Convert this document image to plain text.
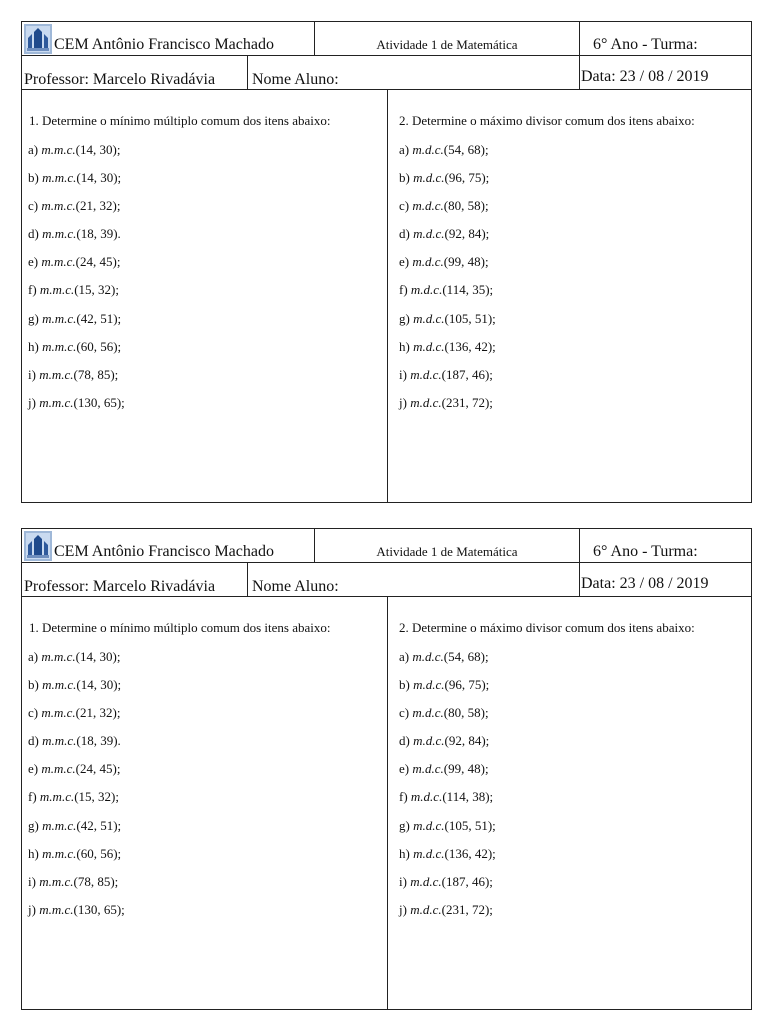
CEM Antônio Francisco Machado	Atividade 1 de Matemática	6° Ano - Turma:
Professor: Marcelo Rivadávia Nome Aluno:	Data: 23 / 08 / 2019
1. Determine o mínimo múltiplo comum dos itens abaixo:
a) m.m.c.(14, 30);
b) m.m.c.(14, 30);
c) m.m.c.(21, 32);
d) m.m.c.(18, 39).
e) m.m.c.(24, 45);
f) m.m.c.(15, 32);
g) m.m.c.(42, 51);
h) m.m.c.(60, 56);
i) m.m.c.(78, 85);
j) m.m.c.(130, 65);
2. Determine o máximo divisor comum dos itens abaixo:
a) m.d.c.(54, 68);
b) m.d.c.(96, 75);
c) m.d.c.(80, 58);
d) m.d.c.(92, 84);
e) m.d.c.(99, 48);
f) m.d.c.(114, 35);
g) m.d.c.(105, 51);
h) m.d.c.(136, 42);
i) m.d.c.(187, 46);
j) m.d.c.(231, 72);
CEM Antônio Francisco Machado	Atividade 1 de Matemática	6° Ano - Turma:
Professor: Marcelo Rivadávia Nome Aluno:	Data: 23 / 08 / 2019
1. Determine o mínimo múltiplo comum dos itens abaixo:
a) m.m.c.(14, 30);
b) m.m.c.(14, 30);
c) m.m.c.(21, 32);
d) m.m.c.(18, 39).
e) m.m.c.(24, 45);
f) m.m.c.(15, 32);
g) m.m.c.(42, 51);
h) m.m.c.(60, 56);
i) m.m.c.(78, 85);
j) m.m.c.(130, 65);
2. Determine o máximo divisor comum dos itens abaixo:
a) m.d.c.(54, 68);
b) m.d.c.(96, 75);
c) m.d.c.(80, 58);
d) m.d.c.(92, 84);
e) m.d.c.(99, 48);
f) m.d.c.(114, 38);
g) m.d.c.(105, 51);
h) m.d.c.(136, 42);
i) m.d.c.(187, 46);
j) m.d.c.(231, 72);
